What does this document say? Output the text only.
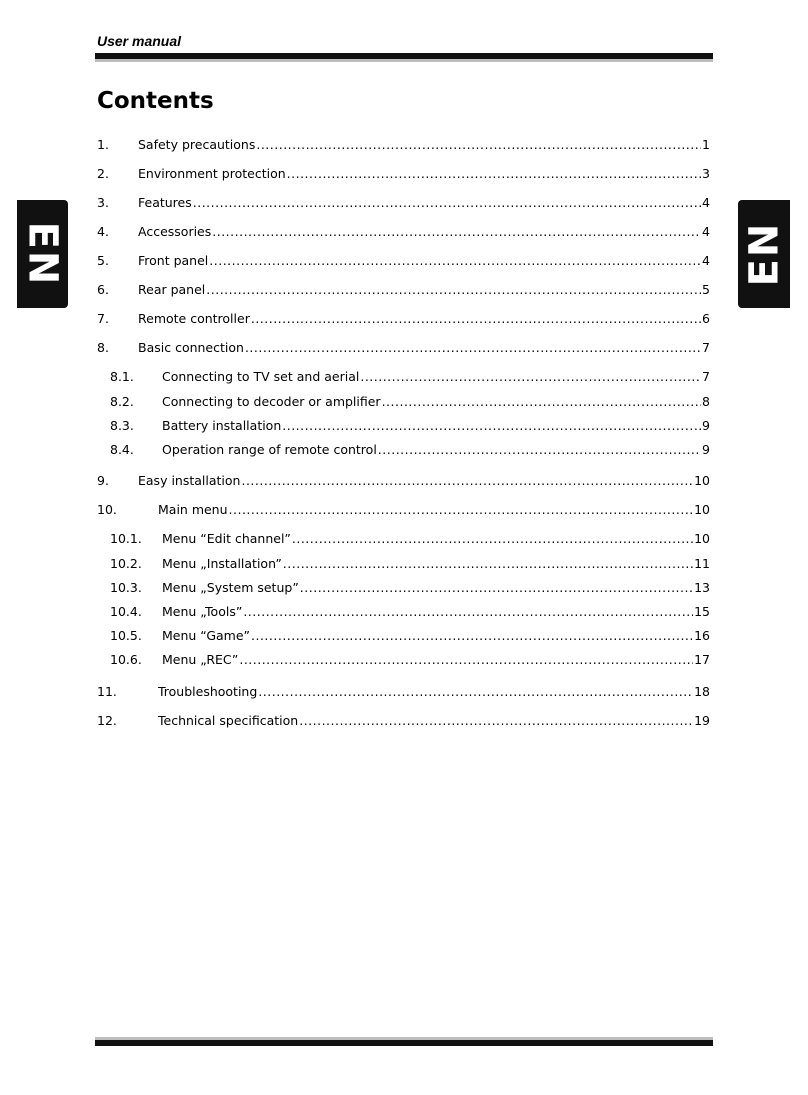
User manual
Contents
1. Safety precautions .....	1
2. Environment protection .....	3
3. Features .....	4
4. Accessories .....	4
5. Front panel .....	4
6. Rear panel .....	5
7. Remote controller .....	6
8. Basic connection .....	7
8.1. Connecting to TV set and aerial .....	7
8.2. Connecting to decoder or amplifier .....	8
8.3. Battery installation .....	9
8.4. Operation range of remote control .....	9
9. Easy installation .....	10
10.	Main menu .....	10
10.1. Menu “Edit channel” .....	10
10.2. Menu „Installation” .....	11
10.3. Menu „System setup” .....	13
10.4. Menu „Tools” .....	15
10.5. Menu “Game” .....	16
10.6. Menu „REC” .....	17
11.	Troubleshooting .....	18
12.	Technical specification .....	19
EN	EN
